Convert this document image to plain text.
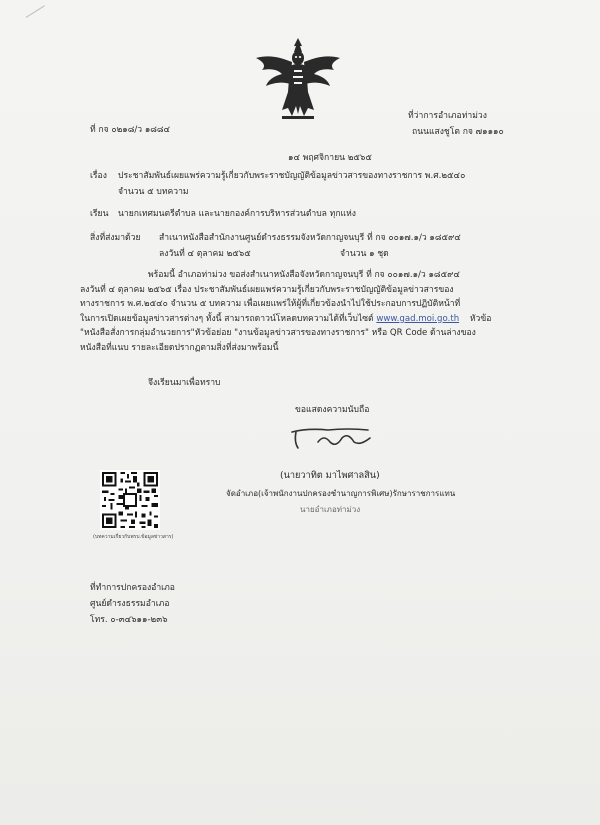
ที่ กจ ๐๒๑๘/ว ๑๘๘๔
ที่ว่าการอำเภอท่าม่วง
ถนนแสงชูโต กจ ๗๑๑๑๐
๑๔ พฤศจิกายน ๒๕๖๕
เรื่อง ประชาสัมพันธ์เผยแพร่ความรู้เกี่ยวกับพระราชบัญญัติข้อมูลข่าวสารของทางราชการ พ.ศ.๒๕๔๐
จำนวน ๕ บทความ
เรียน นายกเทศมนตรีตำบล และนายกองค์การบริหารส่วนตำบล ทุกแห่ง
สิ่งที่ส่งมาด้วย สำเนาหนังสือสำนักงานศูนย์ดำรงธรรมจังหวัดกาญจนบุรี ที่ กจ ๐๐๑๗.๑/ว ๑๘๕๙๔
ลงวันที่ ๔ ตุลาคม ๒๕๖๕	จำนวน ๑ ชุด
พร้อมนี้ อำเภอท่าม่วง ขอส่งสำเนาหนังสือจังหวัดกาญจนบุรี ที่ กจ ๐๐๑๗.๑/ว ๑๘๕๙๔
ลงวันที่ ๔ ตุลาคม ๒๕๖๕ เรื่อง ประชาสัมพันธ์เผยแพร่ความรู้เกี่ยวกับพระราชบัญญัติข้อมูลข่าวสารของ
ทางราชการ พ.ศ.๒๕๔๐ จำนวน ๕ บทความ เพื่อเผยแพร่ให้ผู้ที่เกี่ยวข้องนำไปใช้ประกอบการปฏิบัติหน้าที่
ในการเปิดเผยข้อมูลข่าวสารต่างๆ ทั้งนี้ สามารถดาวน์โหลดบทความได้ที่เว็บไซต์ www.gad.moi.go.th หัวข้อ
"หนังสือสั่งการกลุ่มอำนวยการ"หัวข้อย่อย "งานข้อมูลข่าวสารของทางราชการ" หรือ QR Code ด้านล่างของ
หนังสือที่แนบ รายละเอียดปรากฏตามสิ่งที่ส่งมาพร้อมนี้
จึงเรียนมาเพื่อทราบ
ขอแสดงความนับถือ
(นายวาทิต มาไพศาลสิน)
จัดอำเภอ(เจ้าพนักงานปกครองชำนาญการพิเศษ)รักษาราชการแทน
นายอำเภอท่าม่วง
(บทความเกี่ยวกับพรบ.ข้อมูลข่าวสาร)
ที่ทำการปกครองอำเภอ
ศูนย์ดำรงธรรมอำเภอ
โทร. ๐-๓๔๖๑๑-๒๓๖
